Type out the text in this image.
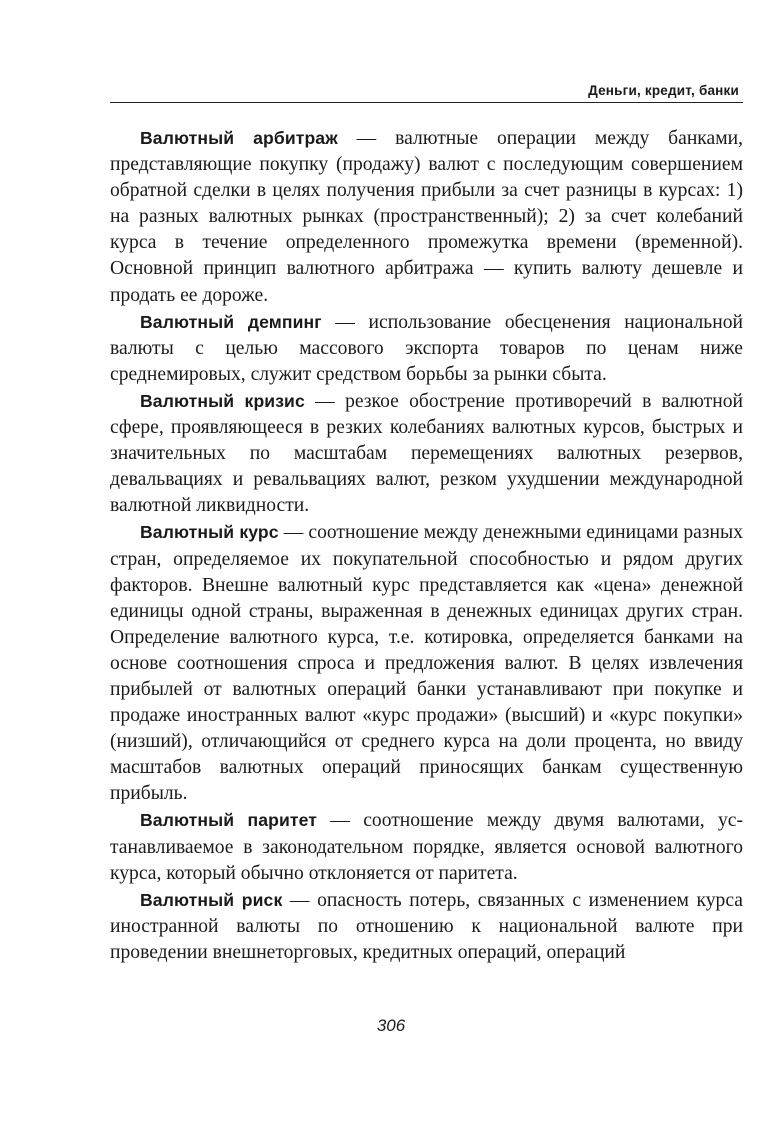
Деньги, кредит, банки

Валютный арбитраж — валютные операции между банками, представляющие покупку (продажу) валют с последующим совершением обратной сделки в целях получения прибыли за счет разницы в курсах: 1) на разных валютных рынках (пространственный); 2) за счет колебаний курса в течение определенного промежутка времени (временной). Основной принцип валютного арбитража — купить валюту дешевле и продать ее дороже.

Валютный демпинг — использование обесценения национальной валюты с целью массового экспорта товаров по ценам ниже среднемировых, служит средством борьбы за рынки сбыта.

Валютный кризис — резкое обострение противоречий в валютной сфере, проявляющееся в резких колебаниях валютных курсов, быстрых и значительных по масштабам перемещениях валютных резервов, девальвациях и ревальвациях валют, резком ухудшении международной валютной ликвидности.

Валютный курс — соотношение между денежными единицами разных стран, определяемое их покупательной способностью и рядом других факторов. Внешне валютный курс представляется как «цена» денежной единицы одной страны, выраженная в денежных единицах других стран. Определение валютного курса, т.е. котировка, определяется банками на основе соотношения спроса и предложения валют. В целях извлечения прибылей от валютных операций банки устанавливают при покупке и продаже иностранных валют «курс продажи» (высший) и «курс покупки» (низший), отличающийся от среднего курса на доли процента, но ввиду масштабов валютных операций приносящих банкам существенную прибыль.

Валютный паритет — соотношение между двумя валютами, устанавливаемое в законодательном порядке, является основой валютного курса, который обычно отклоняется от паритета.

Валютный риск — опасность потерь, связанных с изменением курса иностранной валюты по отношению к национальной валюте при проведении внешнеторговых, кредитных операций, операций

306
